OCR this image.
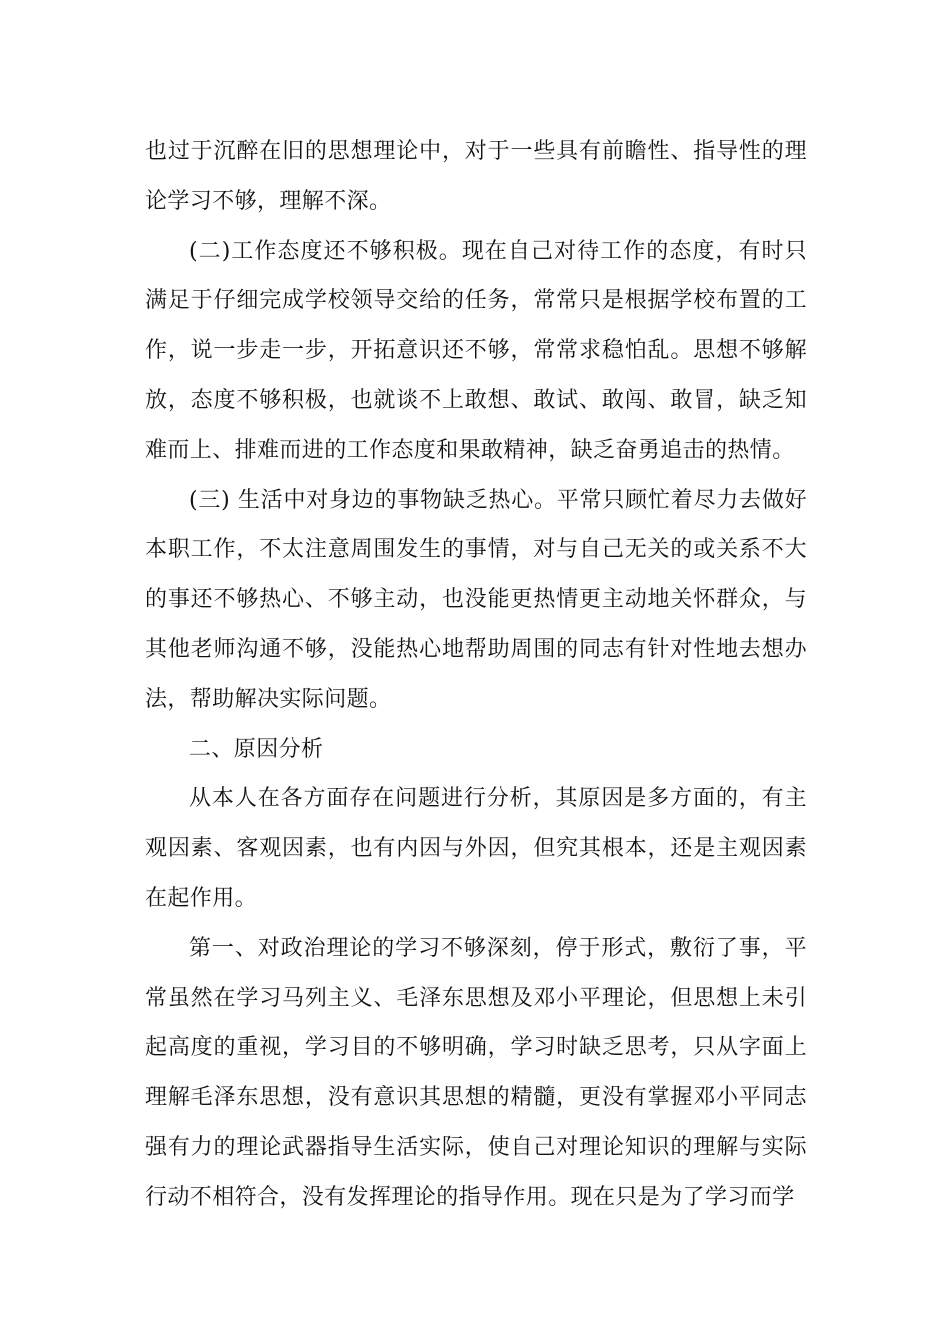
也过于沉醉在旧的思想理论中，对于一些具有前瞻性、指导性的理论学习不够，理解不深。

(二)工作态度还不够积极。现在自己对待工作的态度，有时只满足于仔细完成学校领导交给的任务，常常只是根据学校布置的工作，说一步走一步，开拓意识还不够，常常求稳怕乱。思想不够解放，态度不够积极，也就谈不上敢想、敢试、敢闯、敢冒，缺乏知难而上、排难而进的工作态度和果敢精神，缺乏奋勇追击的热情。

(三) 生活中对身边的事物缺乏热心。平常只顾忙着尽力去做好本职工作，不太注意周围发生的事情，对与自己无关的或关系不大的事还不够热心、不够主动，也没能更热情更主动地关怀群众，与其他老师沟通不够，没能热心地帮助周围的同志有针对性地去想办法，帮助解决实际问题。

二、原因分析

从本人在各方面存在问题进行分析，其原因是多方面的，有主观因素、客观因素，也有内因与外因，但究其根本，还是主观因素在起作用。

第一、对政治理论的学习不够深刻，停于形式，敷衍了事，平常虽然在学习马列主义、毛泽东思想及邓小平理论，但思想上未引起高度的重视，学习目的不够明确，学习时缺乏思考，只从字面上理解毛泽东思想，没有意识其思想的精髓，更没有掌握邓小平同志强有力的理论武器指导生活实际，使自己对理论知识的理解与实际行动不相符合，没有发挥理论的指导作用。现在只是为了学习而学
